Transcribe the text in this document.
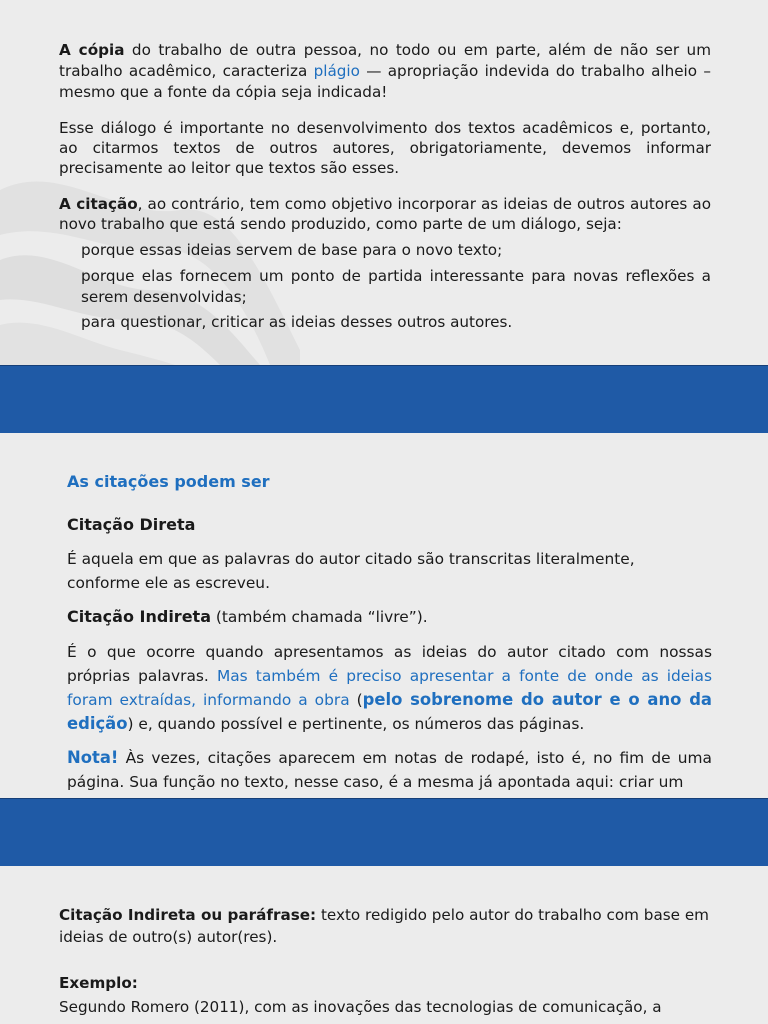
A cópia do trabalho de outra pessoa, no todo ou em parte, além de não ser um trabalho acadêmico, caracteriza plágio — apropriação indevida do trabalho alheio – mesmo que a fonte da cópia seja indicada!

Esse diálogo é importante no desenvolvimento dos textos acadêmicos e, portanto, ao citarmos textos de outros autores, obrigatoriamente, devemos informar precisamente ao leitor que textos são esses.

A citação, ao contrário, tem como objetivo incorporar as ideias de outros autores ao novo trabalho que está sendo produzido, como parte de um diálogo, seja:

porque essas ideias servem de base para o novo texto;

porque elas fornecem um ponto de partida interessante para novas reflexões a serem desenvolvidas;

para questionar, criticar as ideias desses outros autores.

As citações podem ser

Citação Direta

É aquela em que as palavras do autor citado são transcritas literalmente, conforme ele as escreveu.

Citação Indireta (também chamada “livre”).

É o que ocorre quando apresentamos as ideias do autor citado com nossas próprias palavras. Mas também é preciso apresentar a fonte de onde as ideias foram extraídas, informando a obra (pelo sobrenome do autor e o ano da edição) e, quando possível e pertinente, os números das páginas.

Nota! Às vezes, citações aparecem em notas de rodapé, isto é, no fim de uma página. Sua função no texto, nesse caso, é a mesma já apontada aqui: criar um

Citação Indireta ou paráfrase: texto redigido pelo autor do trabalho com base em ideias de outro(s) autor(res).

Exemplo:

Segundo Romero (2011), com as inovações das tecnologias de comunicação, a
